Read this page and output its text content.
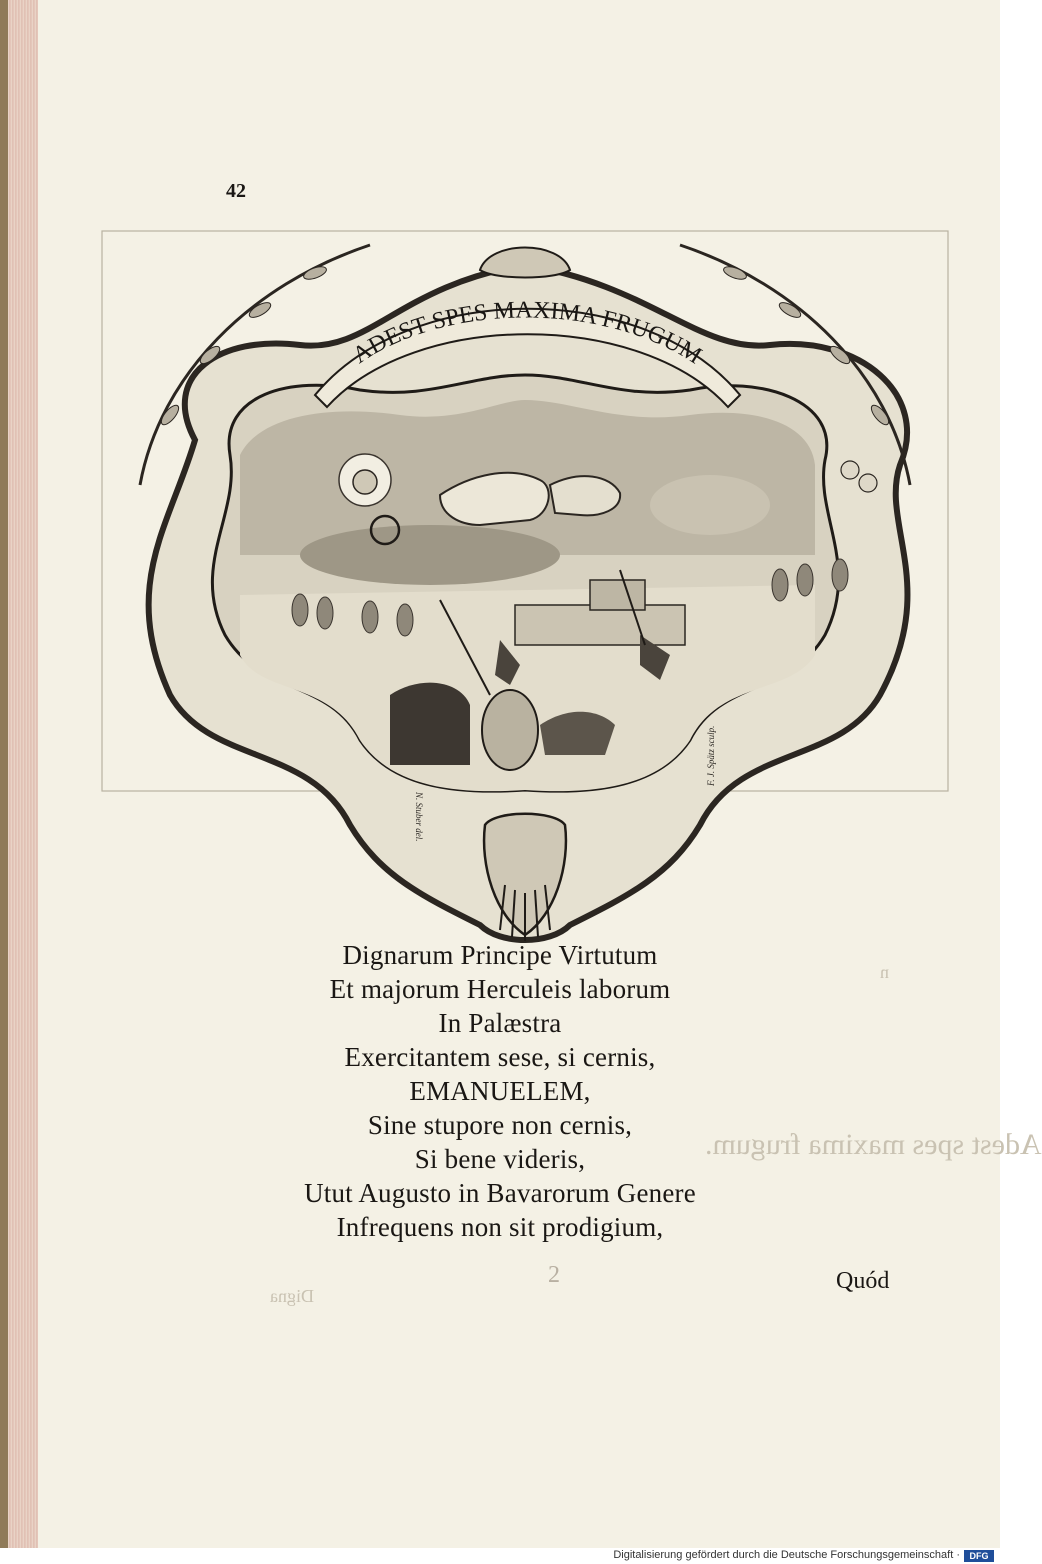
Adest spes maxima frugum.
Digna
n
42
ADEST SPES MAXIMA FRUGUM
N. Stuber del.
F. J. Spätz sculp.
Dignarum Principe Virtutum
Et majorum Herculeis laborum
In Palæstra
Exercitantem sese, si cernis,
EMANUELEM,
Sine stupore non cernis,
Si bene videris,
Utut Augusto in Bavarorum Genere
Infrequens non sit prodigium,
2	Quód
Digitalisierung gefördert durch die Deutsche Forschungsgemeinschaft ·	DFG
